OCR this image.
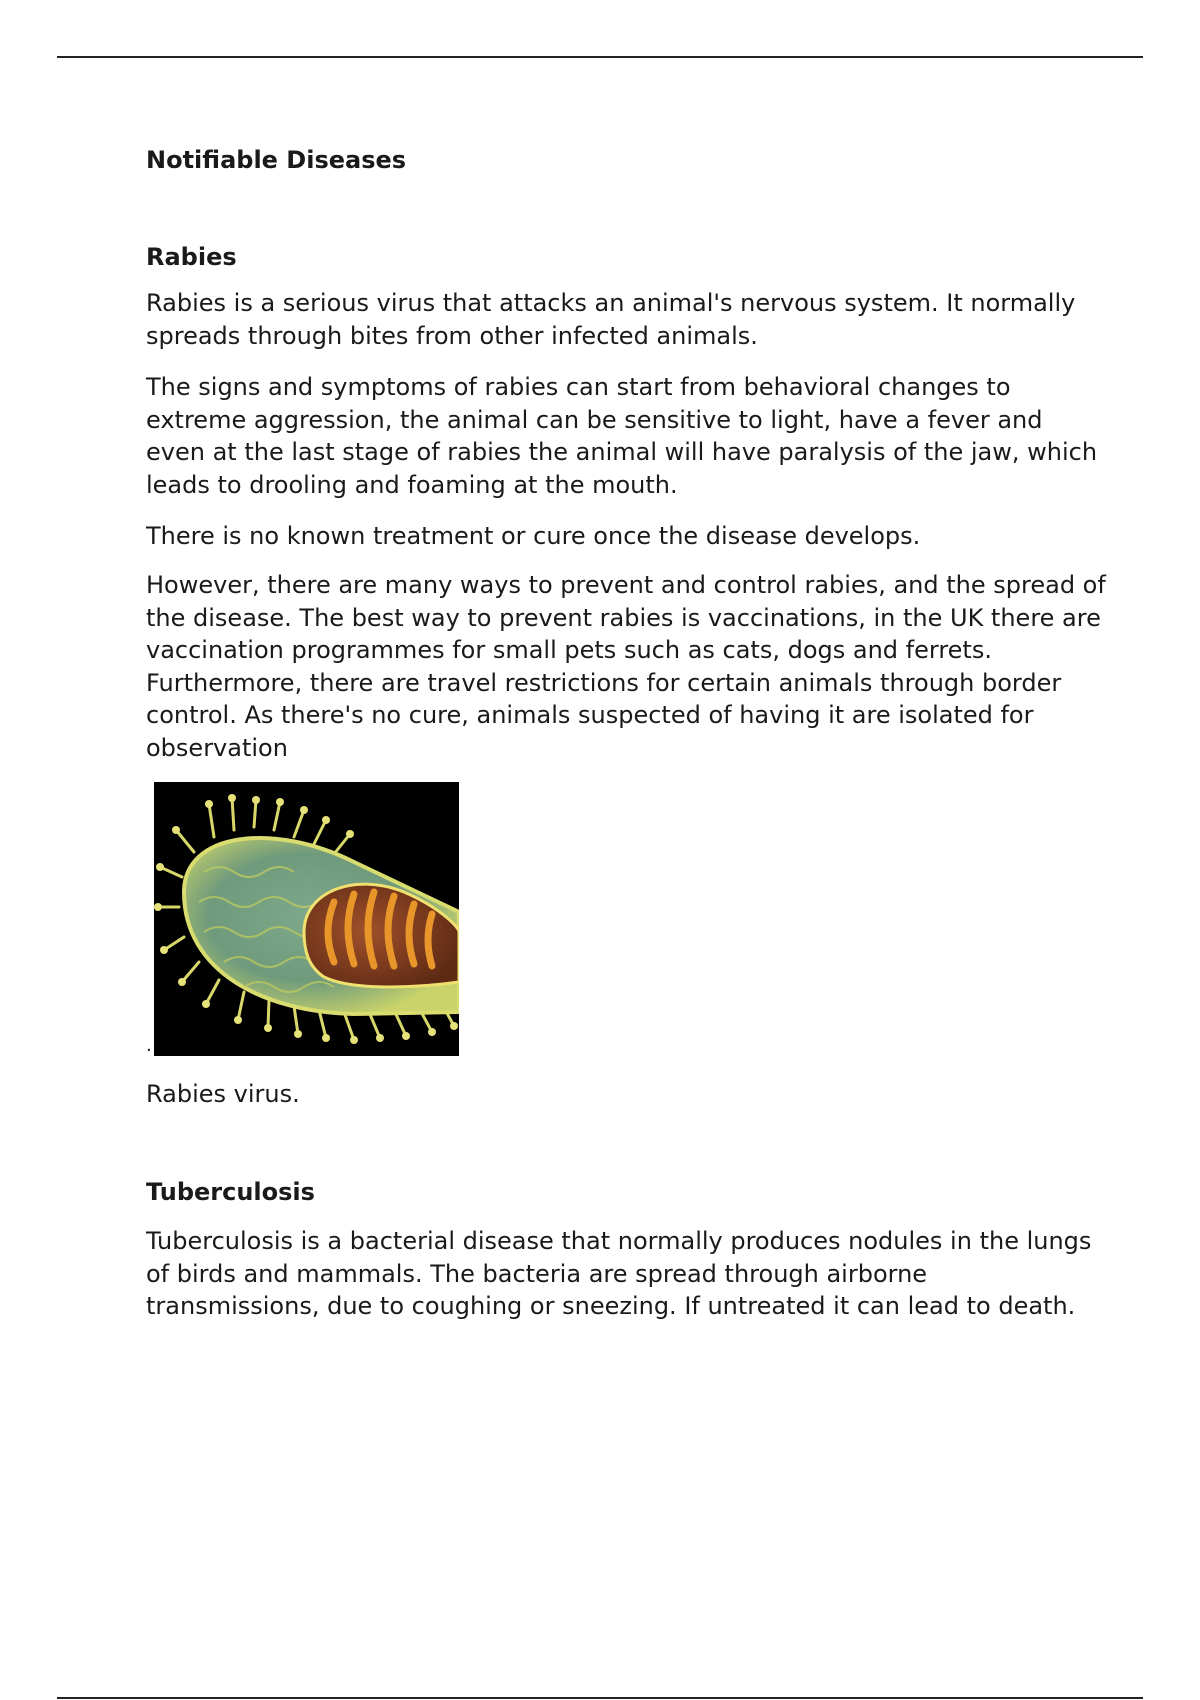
Notifiable Diseases
Rabies

Rabies is a serious virus that attacks an animal's nervous system. It normally spreads through bites from other infected animals.

The signs and symptoms of rabies can start from behavioral changes to extreme aggression, the animal can be sensitive to light, have a fever and even at the last stage of rabies the animal will have paralysis of the jaw, which leads to drooling and foaming at the mouth.

There is no known treatment or cure once the disease develops.

However, there are many ways to prevent and control rabies, and the spread of the disease. The best way to prevent rabies is vaccinations, in the UK there are vaccination programmes for small pets such as cats, dogs and ferrets. Furthermore, there are travel restrictions for certain animals through border control. As there's no cure, animals suspected of having it are isolated for observation

.

Rabies virus.

Tuberculosis

Tuberculosis is a bacterial disease that normally produces nodules in the lungs of birds and mammals. The bacteria are spread through airborne transmissions, due to coughing or sneezing. If untreated it can lead to death.
